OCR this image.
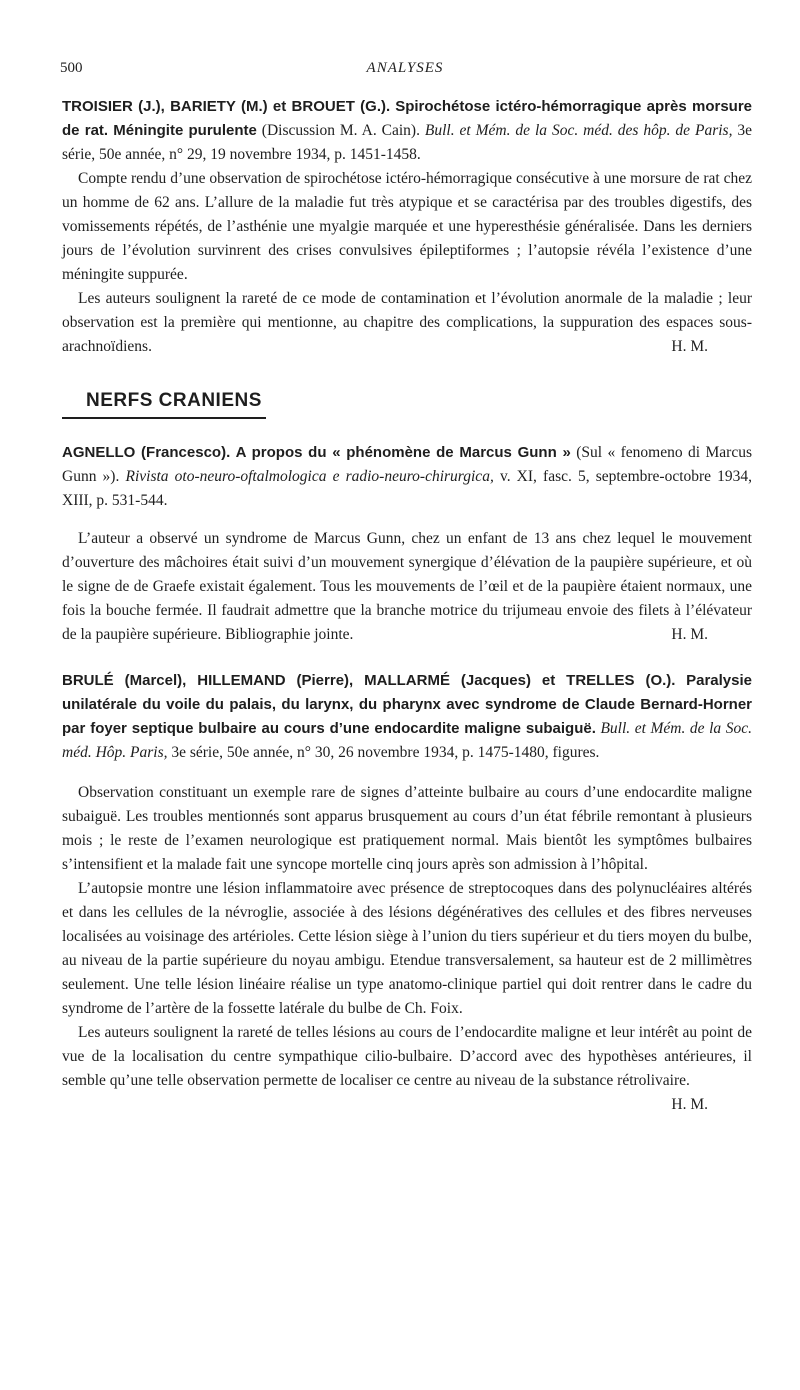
500	ANALYSES

TROISIER (J.), BARIETY (M.) et BROUET (G.). Spirochétose ictéro-hémorragique après morsure de rat. Méningite purulente (Discussion M. A. Cain). Bull. et Mém. de la Soc. méd. des hôp. de Paris, 3e série, 50e année, n° 29, 19 novembre 1934, p. 1451-1458.

Compte rendu d’une observation de spirochétose ictéro-hémorragique consécutive à une morsure de rat chez un homme de 62 ans. L’allure de la maladie fut très atypique et se caractérisa par des troubles digestifs, des vomissements répétés, de l’asthénie une myalgie marquée et une hyperesthésie généralisée. Dans les derniers jours de l’évolution survinrent des crises convulsives épileptiformes ; l’autopsie révéla l’existence d’une méningite suppurée.

Les auteurs soulignent la rareté de ce mode de contamination et l’évolution anormale de la maladie ; leur observation est la première qui mentionne, au chapitre des complications, la suppuration des espaces sous-arachnoïdiens.	H. M.

NERFS CRANIENS

AGNELLO (Francesco). A propos du « phénomène de Marcus Gunn » (Sul « fenomeno di Marcus Gunn »). Rivista oto-neuro-oftalmologica e radio-neuro-chirurgica, v. XI, fasc. 5, septembre-octobre 1934, XIII, p. 531-544.

L’auteur a observé un syndrome de Marcus Gunn, chez un enfant de 13 ans chez lequel le mouvement d’ouverture des mâchoires était suivi d’un mouvement synergique d’élévation de la paupière supérieure, et où le signe de de Graefe existait également. Tous les mouvements de l’œil et de la paupière étaient normaux, une fois la bouche fermée. Il faudrait admettre que la branche motrice du trijumeau envoie des filets à l’élévateur de la paupière supérieure. Bibliographie jointe.	H. M.

BRULÉ (Marcel), HILLEMAND (Pierre), MALLARMÉ (Jacques) et TRELLES (O.). Paralysie unilatérale du voile du palais, du larynx, du pharynx avec syndrome de Claude Bernard-Horner par foyer septique bulbaire au cours d’une endocardite maligne subaiguë. Bull. et Mém. de la Soc. méd. Hôp. Paris, 3e série, 50e année, n° 30, 26 novembre 1934, p. 1475-1480, figures.

Observation constituant un exemple rare de signes d’atteinte bulbaire au cours d’une endocardite maligne subaiguë. Les troubles mentionnés sont apparus brusquement au cours d’un état fébrile remontant à plusieurs mois ; le reste de l’examen neurologique est pratiquement normal. Mais bientôt les symptômes bulbaires s’intensifient et la malade fait une syncope mortelle cinq jours après son admission à l’hôpital.

L’autopsie montre une lésion inflammatoire avec présence de streptocoques dans des polynucléaires altérés et dans les cellules de la névroglie, associée à des lésions dégénératives des cellules et des fibres nerveuses localisées au voisinage des artérioles. Cette lésion siège à l’union du tiers supérieur et du tiers moyen du bulbe, au niveau de la partie supérieure du noyau ambigu. Etendue transversalement, sa hauteur est de 2 millimètres seulement. Une telle lésion linéaire réalise un type anatomo-clinique partiel qui doit rentrer dans le cadre du syndrome de l’artère de la fossette latérale du bulbe de Ch. Foix.

Les auteurs soulignent la rareté de telles lésions au cours de l’endocardite maligne et leur intérêt au point de vue de la localisation du centre sympathique cilio-bulbaire. D’accord avec des hypothèses antérieures, il semble qu’une telle observation permette de localiser ce centre au niveau de la substance rétrolivaire.
H. M.
